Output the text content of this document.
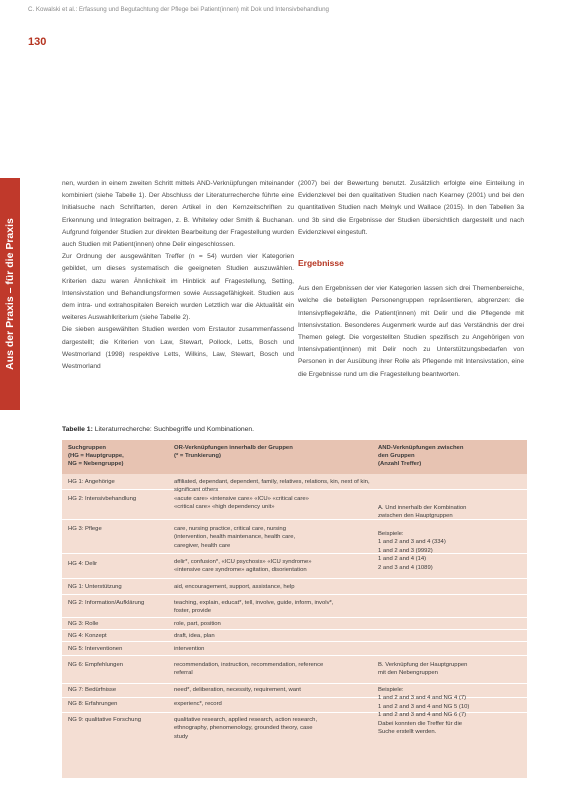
C. Kowalski et al.: Erfassung und Begutachtung der Pflege bei Patient(innen) mit Dok und Intensivbehandlung
130
Aus der Praxis – für die Praxis

nen, wurden in einem zweiten Schritt mittels AND-Verknüpfungen miteinander kombiniert (siehe Tabelle 1). Der Abschluss der Literaturrecherche führte eine Initialsuche nach Schriftarten, deren Artikel in den Kernzeitschriften zu Erkennung und Integration beitragen, z. B. Whiteley oder Smith & Buchanan. Aufgrund folgender Studien zur direkten Bearbeitung der Fragestellung wurden auch Studien mit Patient(innen) ohne Delir eingeschlossen.

Zur Ordnung der ausgewählten Treffer (n = 54) wurden vier Kategorien gebildet, um dieses systematisch die geeigneten Studien auszuwählen. Kriterien dazu waren Ähnlichkeit im Hinblick auf Fragestellung, Setting, Intensivstation und Behandlungsformen sowie Aussagefähigkeit. Studien aus dem intra- und extrahospitalen Bereich wurden Letztlich war die Aktualität ein weiteres Auswahlkriterium (siehe Tabelle 2).

Die sieben ausgewählten Studien werden vom Erstautor zusammenfassend dargestellt; die Kriterien von Law, Stewart, Pollock, Letts, Bosch und Westmorland (1998) respektive Letts, Wilkins, Law, Stewart, Bosch und Westmorland

(2007) bei der Bewertung benutzt. Zusätzlich erfolgte eine Einteilung in Evidenzlevel bei den qualitativen Studien nach Kearney (2001) und bei den quantitativen Studien nach Melnyk und Wallace (2015). In den Tabellen 3a und 3b sind die Ergebnisse der Studien übersichtlich dargestellt und nach Evidenzlevel eingestuft.

Ergebnisse

Aus den Ergebnissen der vier Kategorien lassen sich drei Themenbereiche, welche die beteiligten Personengruppen repräsentieren, abgrenzen: die Intensivpflegekräfte, die Patient(innen) mit Delir und die Pflegende mit Intensivstation. Besonderes Augenmerk wurde auf das Verständnis der drei Themen gelegt. Die vorgestellten Studien spezifisch zu Angehörigen von Intensivpatient(innen) mit Delir noch zu Unterstützungsbedarfen von Personen in der Ausübung ihrer Rolle als Pflegende mit Intensivstation, eine die Ergebnisse rund um die Fragestellung beantworten.

Tabelle 1: Literaturrecherche: Suchbegriffe und Kombinationen.
Suchgruppen
(HG = Hauptgruppe,
NG = Nebengruppe)
OR-Verknüpfungen innerhalb der Gruppen
(* = Trunkierung)
AND-Verknüpfungen zwischen
den Gruppen
(Anzahl Treffer)
HG 1: Angehörige
HG 2: Intensivbehandlung
HG 3: Pflege
HG 4: Delir
NG 1: Unterstützung
NG 2: Information/Aufklärung
NG 3: Rolle
NG 4: Konzept
NG 5: Interventionen
NG 6: Empfehlungen
NG 7: Bedürfnisse
NG 8: Erfahrungen
NG 9: qualitative Forschung
affiliated, dependant, dependent, family, relatives, relations, kin, next of kin, significant others
«acute care» «intensive care» «ICU» «critical care»
«critical care» «high dependency unit»
care, nursing practice, critical care, nursing
(intervention, health maintenance, health care,
caregiver, health care
delir*, confusion*, «ICU psychosis» «ICU syndrome»
«intensive care syndrome» agitation, disorientation
aid, encouragement, support, assistance, help
teaching, explain, educat*, tell, involve, guide, inform, involv*,
foster, provide
role, part, position
draft, idea, plan
intervention
recommendation, instruction, recommendation, reference
referral
need*, deliberation, necessity, requirement, want
experienc*, record
qualitative research, applied research, action research,
ethnography, phenomenology, grounded theory, case
study
A. Und innerhalb der Kombination
zwischen den Hauptgruppen
Beispiele:
1 and 2 and 3 and 4 (334)
1 and 2 and 3 (9992)
1 and 2 and 4 (14)
2 and 3 and 4 (1089)
B. Verknüpfung der Hauptgruppen
mit den Nebengruppen
Beispiele:
1 and 2 and 3 and 4 and NG 4 (7)
1 and 2 and 3 and 4 and NG 5 (10)
1 and 2 and 3 and 4 and NG 6 (7)
Dabei konnten die Treffer für die
Suche erstellt werden.
